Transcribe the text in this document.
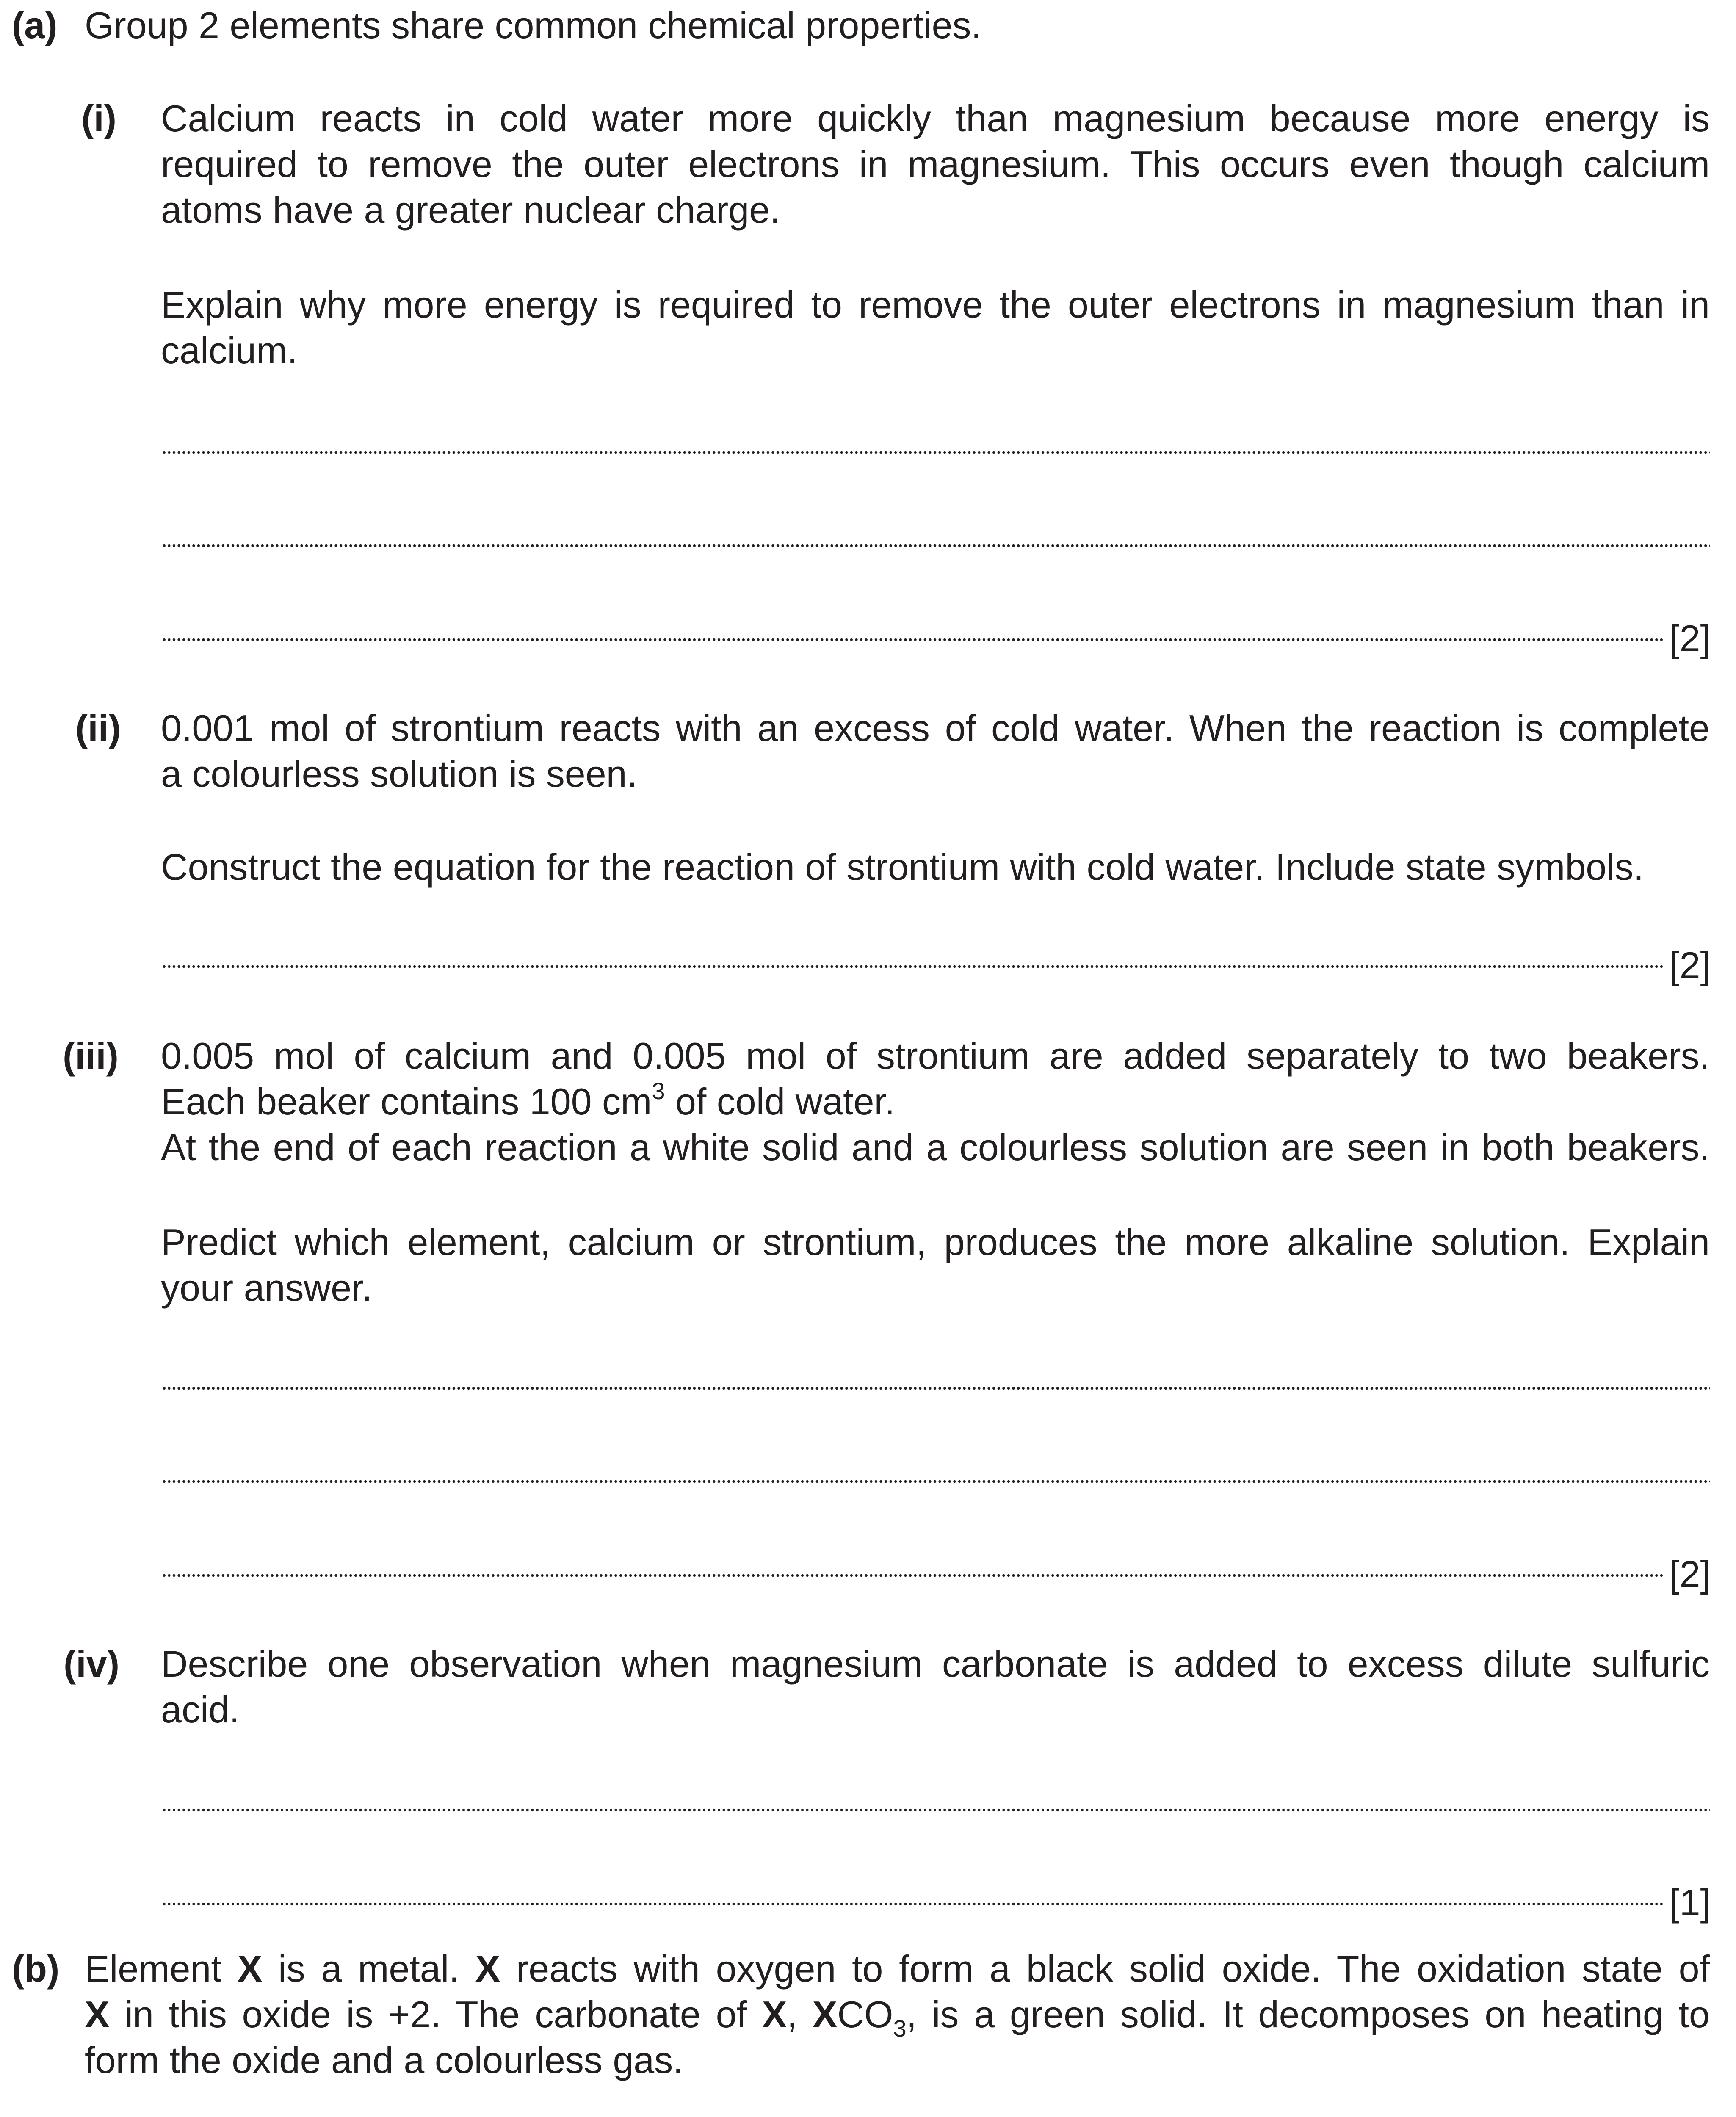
(a) Group 2 elements share common chemical properties.
(i) Calcium reacts in cold water more quickly than magnesium because more energy is
required to remove the outer electrons in magnesium. This occurs even though calcium
atoms have a greater nuclear charge.
Explain why more energy is required to remove the outer electrons in magnesium than in
calcium.
[2]
(ii) 0.001 mol of strontium reacts with an excess of cold water. When the reaction is complete
a colourless solution is seen.
Construct the equation for the reaction of strontium with cold water. Include state symbols.
[2]
(iii) 0.005 mol of calcium and 0.005 mol of strontium are added separately to two beakers.
Each beaker contains 100 $cm^3$ of cold water.
At the end of each reaction a white solid and a colourless solution are seen in both beakers.
Predict which element, calcium or strontium, produces the more alkaline solution. Explain
your answer.
[2]
(iv) Describe one observation when magnesium carbonate is added to excess dilute sulfuric
acid.
[1]
(b) Element X is a metal. X reacts with oxygen to form a black solid oxide. The oxidation state of
X in this oxide is +2. The carbonate of X, $XCO_3$, is a green solid. It decomposes on heating to
form the oxide and a colourless gas.
